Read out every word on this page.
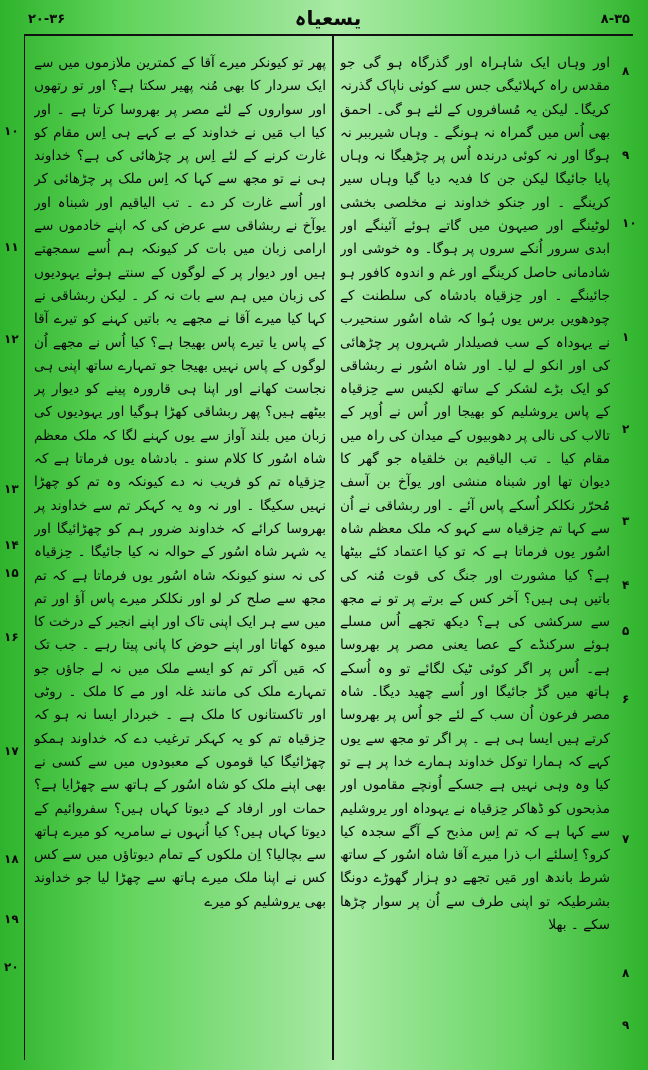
۲۰-۳۶	یسعیاہ	۸-۳۵

اور وہاں ایک شاہراہ اور گذرگاہ ہو گی جو مقدس راہ کہلائیگی جس سے کوئی ناپاک گذرنہ کریگا۔ لیکن یہ مُسافروں کے لئے ہو گی۔ احمق بھی اُس میں گمراہ نہ ہونگے ۔ وہاں شیرببر نہ ہوگا اور نہ کوئی درندہ اُس پر چڑھیگا نہ وہاں پایا جائیگا لیکن جن کا فدیہ دیا گیا وہاں سیر کرینگے ۔ اور جنکو خداوند نے مخلصی بخشی لوٹینگے اور صیہون میں گاتے ہوئے آئینگے اور ابدی سرور اُنکے سروں پر ہوگا۔ وہ خوشی اور شادمانی حاصل کرینگے اور غم و اندوہ کافور ہو جائینگے ۔ اور حِزقیاہ بادشاہ کی سلطنت کے چودھویں برس یوں ہُوا کہ شاہ اسُور سنحیرب نے یہوداہ کے سب فصیلدار شہروں پر چڑھائی کی اور انکو لے لیا۔ اور شاہ اسُور نے ربشاقی کو ایک بڑے لشکر کے ساتھ لکیس سے حِزقیاہ کے پاس یروشلیم کو بھیجا اور اُس نے اُوپر کے تالاب کی نالی پر دھوبیوں کے میدان کی راہ میں مقام کیا ۔ تب الیاقیم بن خلقیاہ جو گھر کا دیوان تھا اور شبناہ منشی اور یوآخ بن آسف مُحرّر نکلکر اُسکے پاس آئے ۔ اور ربشاقی نے اُن سے کہا تم حِزقیاہ سے کہو کہ ملک معظم شاہ اسُور یوں فرماتا ہے کہ تو کیا اعتماد کئے بیٹھا ہے؟ کیا مشورت اور جنگ کی قوت مُنہ کی باتیں ہی ہیں؟ آخر کس کے برتے پر تو نے مجھ سے سرکشی کی ہے؟ دیکھ تجھے اُس مسلے ہوئے سرکنڈے کے عصا یعنی مصر پر بھروسا ہے۔ اُس پر اگر کوئی ٹیک لگائے تو وہ اُسکے ہاتھ میں گڑ جائیگا اور اُسے چھید دیگا۔ شاہ مصر فرعون اُن سب کے لئے جو اُس پر بھروسا کرتے ہیں ایسا ہی ہے ۔ پر اگر تو مجھ سے یوں کہے کہ ہمارا توکل خداوند ہمارے خدا پر ہے تو کیا وہ وہی نہیں ہے جسکے اُونچے مقاموں اور مذبحوں کو ڈھاکر حِزقیاہ نے یہوداہ اور یروشلیم سے کہا ہے کہ تم اِس مذبح کے آگے سجدہ کیا کرو؟ اِسلئے اب ذرا میرے آقا شاہ اسُور کے ساتھ شرط باندھ اور مَیں تجھے دو ہزار گھوڑے دونگا بشرطیکہ تو اپنی طرف سے اُن پر سوار چڑھا سکے ۔ بھلا

پھر تو کیونکر میرے آقا کے کمترین ملازموں میں سے ایک سردار کا بھی مُنہ پھیر سکتا ہے؟ اور تو رتھوں اور سواروں کے لئے مصر پر بھروسا کرتا ہے ۔ اور کیا اب مَیں نے خداوند کے بے کہے ہی اِس مقام کو غارت کرنے کے لئے اِس پر چڑھائی کی ہے؟ خداوند ہی نے تو مجھ سے کہا کہ اِس ملک پر چڑھائی کر اور اُسے غارت کر دے ۔ تب الیاقیم اور شبناہ اور یوآخ نے ربشاقی سے عرض کی کہ اپنے خادموں سے ارامی زبان میں بات کر کیونکہ ہم اُسے سمجھتے ہیں اور دیوار پر کے لوگوں کے سنتے ہوئے یہودیوں کی زبان میں ہم سے بات نہ کر ۔ لیکن ربشاقی نے کہا کیا میرے آقا نے مجھے یہ باتیں کہنے کو تیرے آقا کے پاس یا تیرے پاس بھیجا ہے؟ کیا اُس نے مجھے اُن لوگوں کے پاس نہیں بھیجا جو تمہارے ساتھ اپنی ہی نجاست کھانے اور اپنا ہی قارورہ پینے کو دیوار پر بیٹھے ہیں؟ پھر ربشاقی کھڑا ہوگیا اور یہودیوں کی زبان میں بلند آواز سے یوں کہنے لگا کہ ملک معظم شاہ اسُور کا کلام سنو ۔ بادشاہ یوں فرماتا ہے کہ حِزقیاہ تم کو فریب نہ دے کیونکہ وہ تم کو چھڑا نہیں سکیگا ۔ اور نہ وہ یہ کہکر تم سے خداوند پر بھروسا کرائے کہ خداوند ضرور ہم کو چھڑائیگا اور یہ شہر شاہ اسُور کے حوالہ نہ کیا جائیگا ۔ حِزقیاہ کی نہ سنو کیونکہ شاہ اسُور یوں فرماتا ہے کہ تم مجھ سے صلح کر لو اور نکلکر میرے پاس آؤ اور تم میں سے ہر ایک اپنی تاک اور اپنے انجیر کے درخت کا میوہ کھاتا اور اپنے حوض کا پانی پیتا رہے ۔ جب تک کہ مَیں آکر تم کو ایسے ملک میں نہ لے جاؤں جو تمہارے ملک کی مانند غلہ اور مے کا ملک ۔ روٹی اور تاکستانوں کا ملک ہے ۔ خبردار ایسا نہ ہو کہ حِزقیاہ تم کو یہ کہکر ترغیب دے کہ خداوند ہمکو چھڑائیگا کیا قوموں کے معبودوں میں سے کسی نے بھی اپنے ملک کو شاہ اسُور کے ہاتھ سے چھڑایا ہے؟ حمات اور ارفاد کے دیوتا کہاں ہیں؟ سفروائیم کے دیوتا کہاں ہیں؟ کیا اُنہوں نے سامریہ کو میرے ہاتھ سے بچالیا؟ اِن ملکوں کے تمام دیوتاؤں میں سے کس کس نے اپنا ملک میرے ہاتھ سے چھڑا لیا جو خداوند بھی یروشلیم کو میرے

۸
۹
۱۰
۱
۲
۳
۴
۵
۶
۷
۸
۹
۱۰
۱۱
۱۲
۱۳
۱۴
۱۵
۱۶
۱۷
۱۸
۱۹
۲۰
